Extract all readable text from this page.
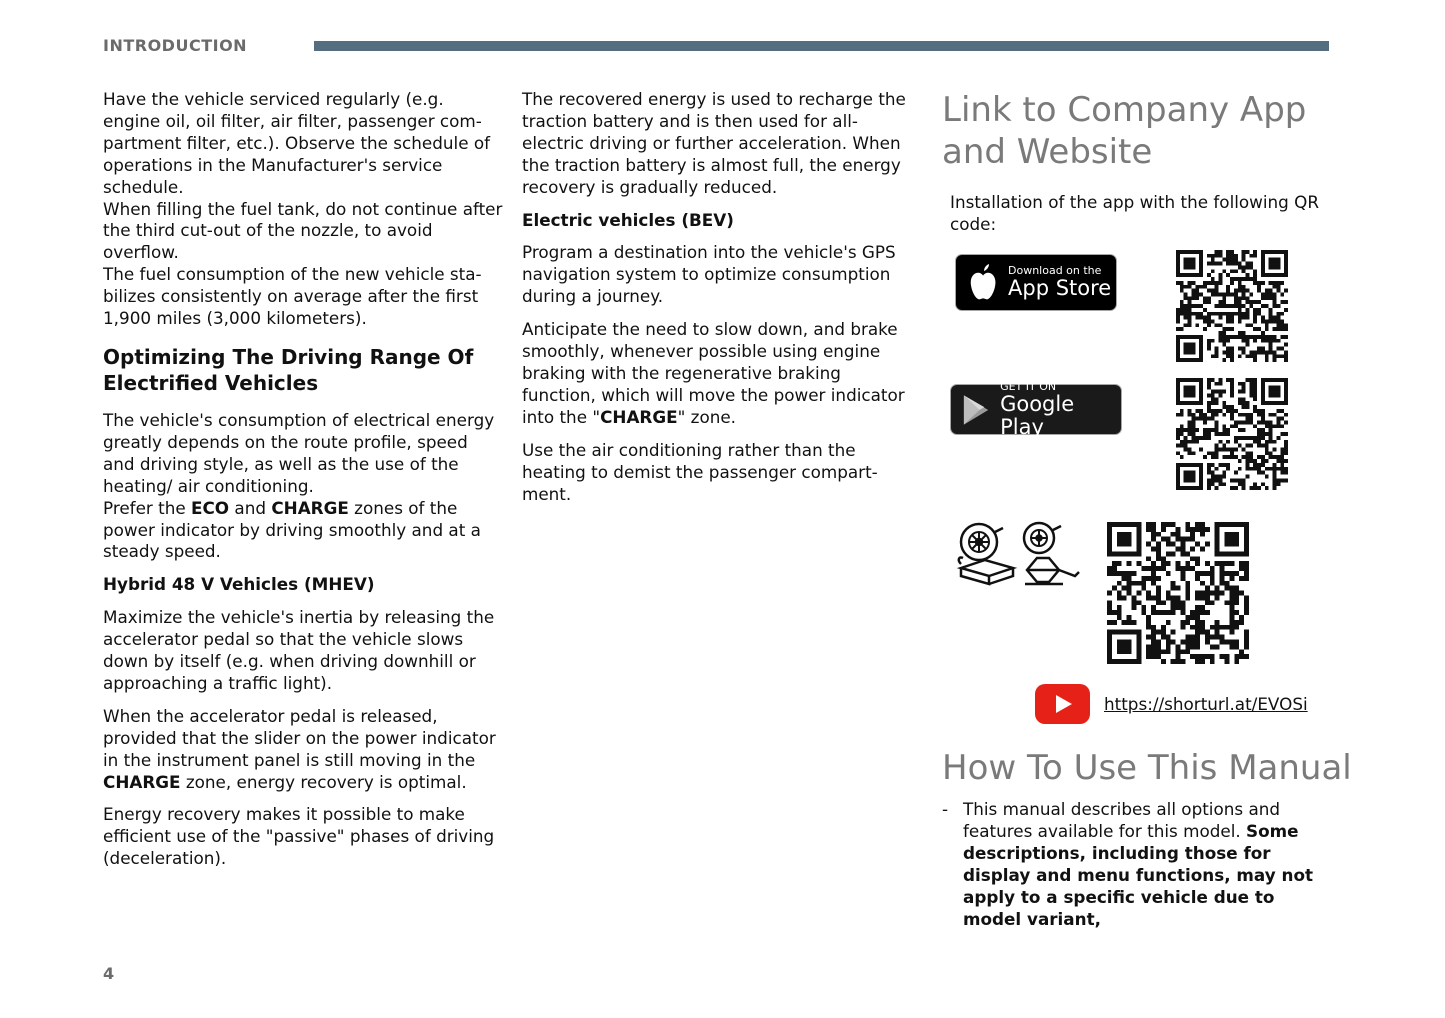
INTRODUCTION

Have the vehicle serviced regularly (e.g. engine oil, oil filter, air filter, passenger com-partment filter, etc.). Observe the schedule of operations in the Manufacturer's service schedule.

When filling the fuel tank, do not continue after the third cut-out of the nozzle, to avoid overflow.

The fuel consumption of the new vehicle sta-bilizes consistently on average after the first 1,900 miles (3,000 kilometers).

Optimizing The Driving Range Of Electrified Vehicles

The vehicle's consumption of electrical energy greatly depends on the route profile, speed and driving style, as well as the use of the heating/ air conditioning.

Prefer the ECO and CHARGE zones of the power indicator by driving smoothly and at a steady speed.

Hybrid 48 V Vehicles (MHEV)

Maximize the vehicle's inertia by releasing the accelerator pedal so that the vehicle slows down by itself (e.g. when driving downhill or approaching a traffic light).

When the accelerator pedal is released, provided that the slider on the power indicator in the instrument panel is still moving in the CHARGE zone, energy recovery is optimal.

Energy recovery makes it possible to make efficient use of the "passive" phases of driving (deceleration).

The recovered energy is used to recharge the traction battery and is then used for all-electric driving or further acceleration. When the traction battery is almost full, the energy recovery is gradually reduced.

Electric vehicles (BEV)

Program a destination into the vehicle's GPS navigation system to optimize consumption during a journey.

Anticipate the need to slow down, and brake smoothly, whenever possible using engine braking with the regenerative braking function, which will move the power indicator into the "CHARGE" zone.

Use the air conditioning rather than the heating to demist the passenger compart-ment.

Link to Company App and Website
Installation of the app with the following QR code:
Download on the
App Store
GET IT ON
Google Play
https://shorturl.at/EVOSi
How To Use This Manual
- This manual describes all options and features available for this model. Some descriptions, including those for display and menu functions, may not apply to a specific vehicle due to model variant,
4
